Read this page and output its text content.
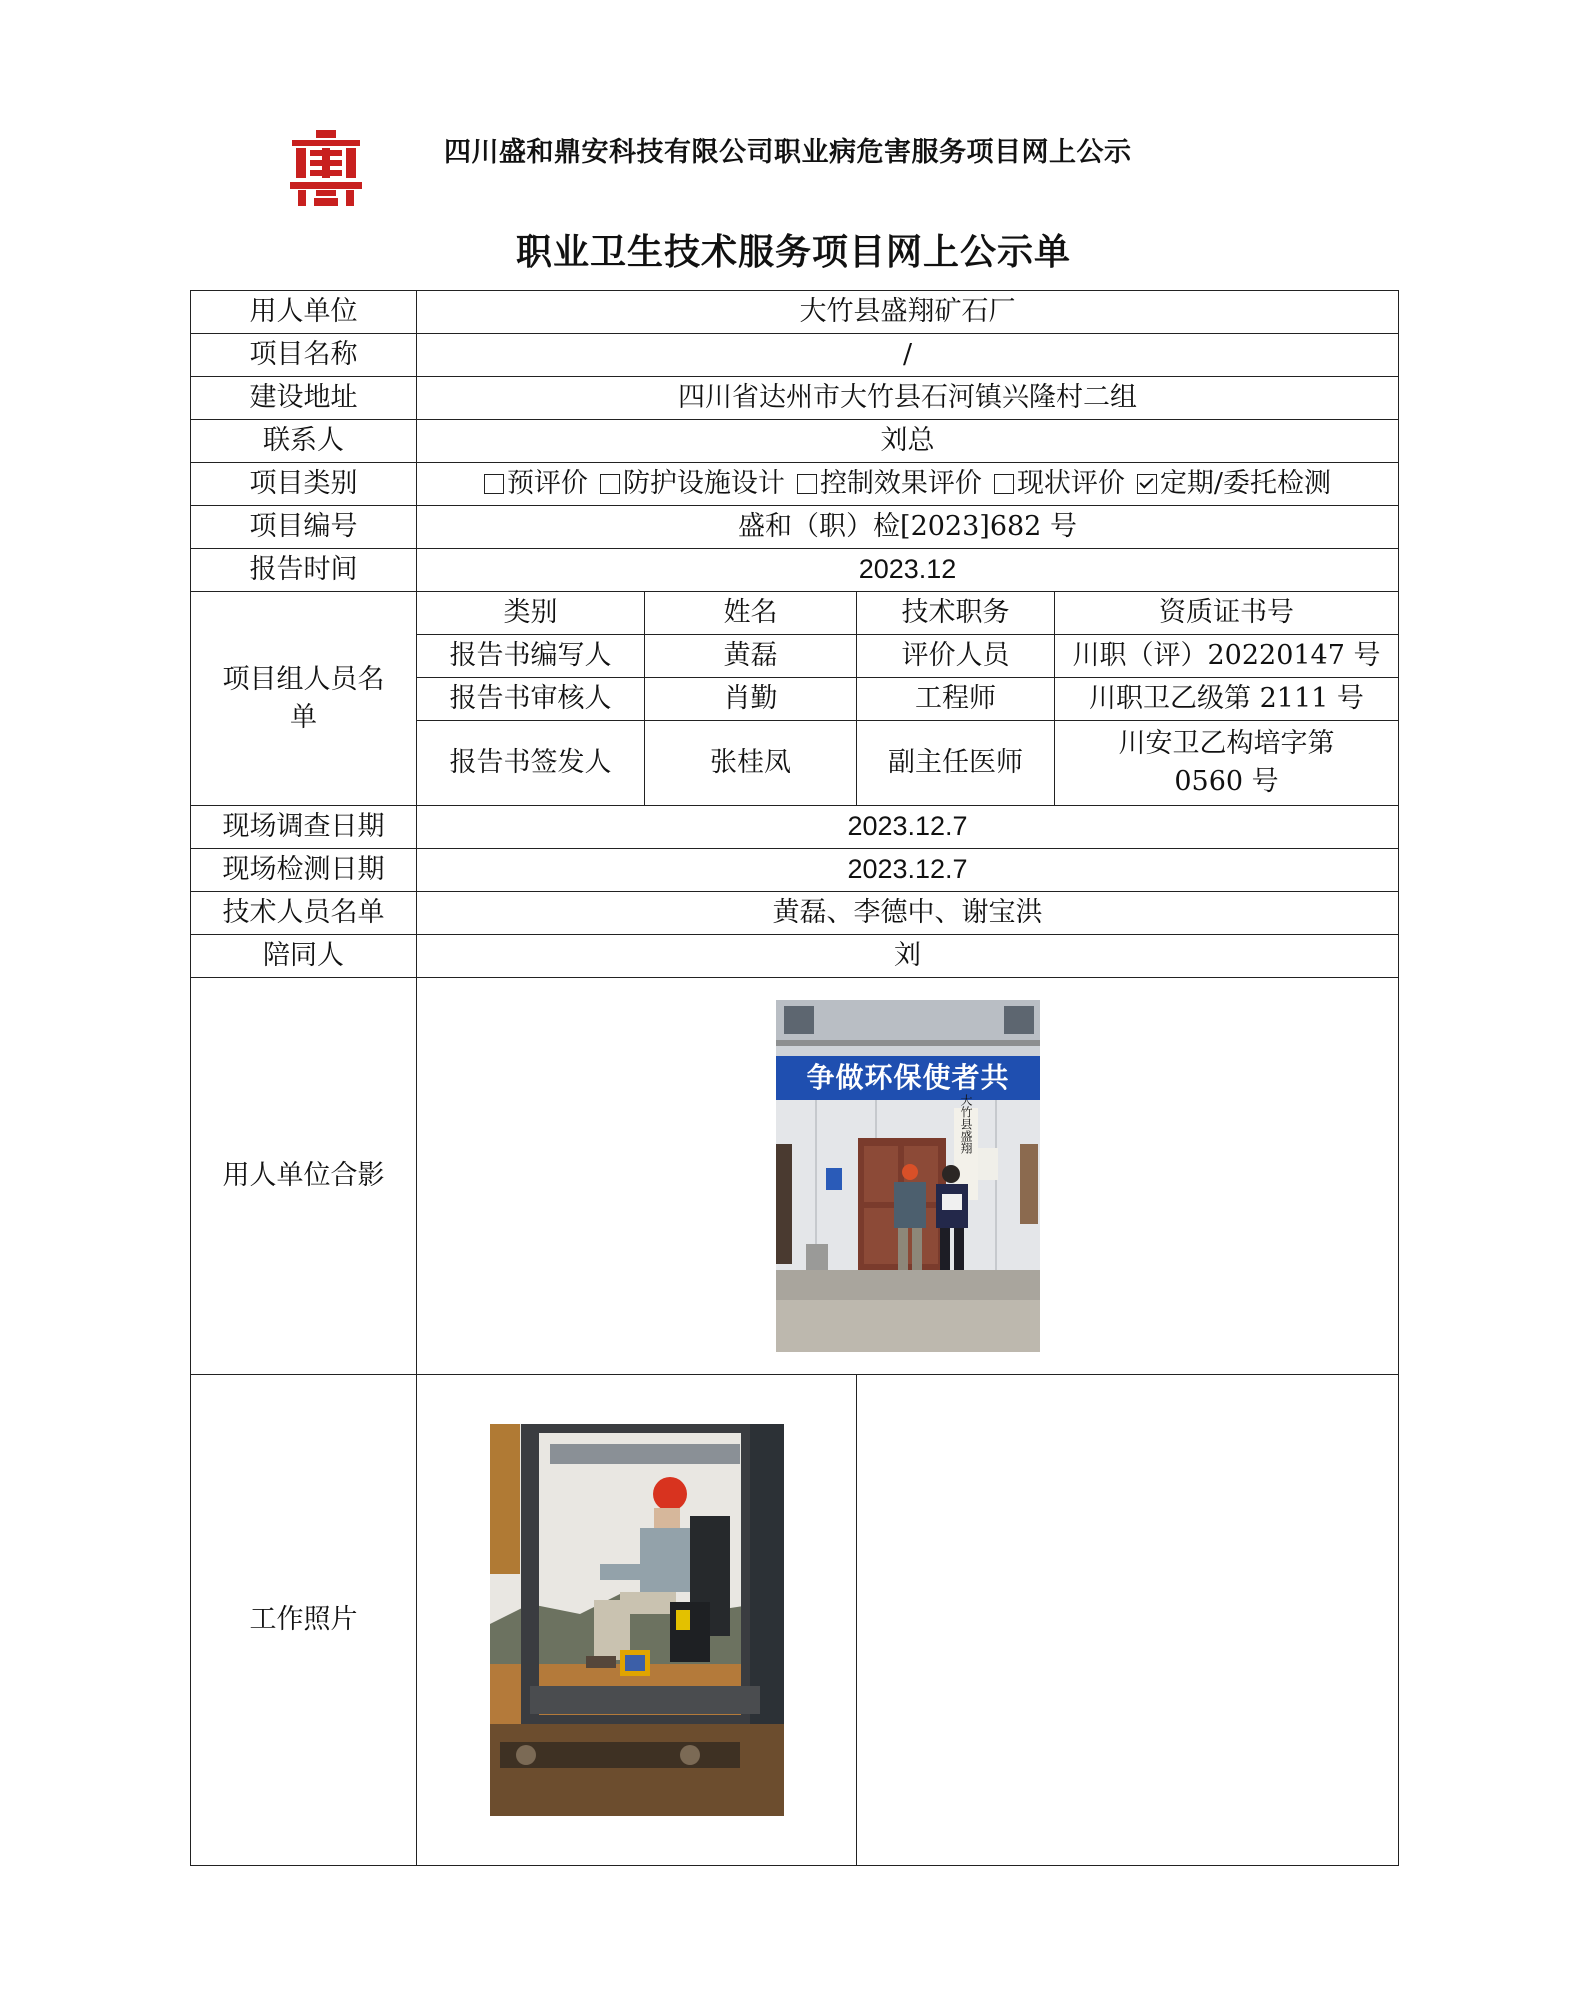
四川盛和鼎安科技有限公司职业病危害服务项目网上公示
职业卫生技术服务项目网上公示单
用人单位	大竹县盛翔矿石厂			
项目名称	/			
建设地址	四川省达州市大竹县石河镇兴隆村二组			
联系人	刘总			
项目类别	预评价 防护设施设计 控制效果评价 现状评价 定期/委托检测			
项目编号	盛和（职）检[2023]682 号			
报告时间	2023.12			
项目组人员名单	类别	姓名	技术职务	资质证书号
	报告书编写人	黄磊	评价人员	川职（评）20220147 号
	报告书审核人	肖勤	工程师	川职卫乙级第 2111 号
	报告书签发人	张桂凤	副主任医师	川安卫乙构培字第 0560 号
现场调查日期	2023.12.7			
现场检测日期	2023.12.7			
技术人员名单	黄磊、李德中、谢宝洪			
陪同人	刘			
用人单位合影	争做环保使者共
大竹县盛翔			

工作照片	
